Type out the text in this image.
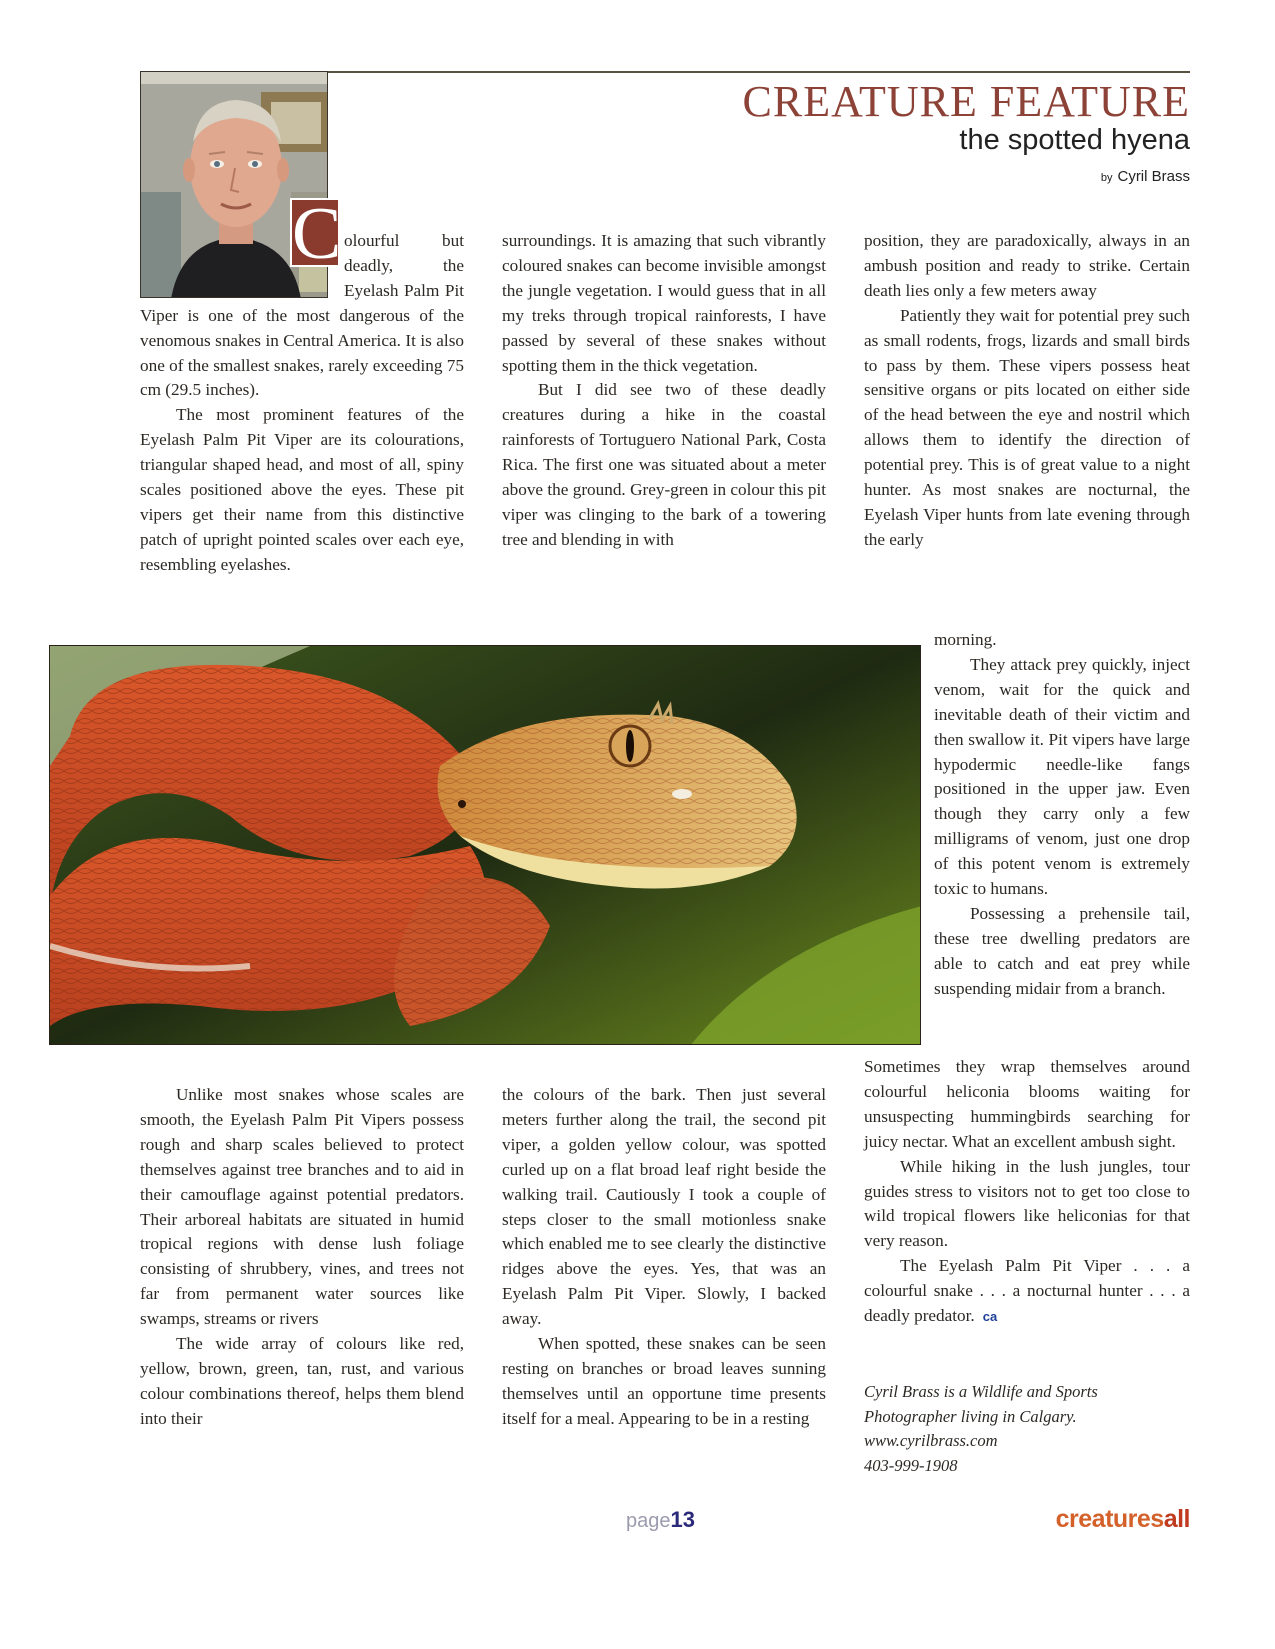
C
CREATURE FEATURE
the spotted hyena
by Cyril Brass

olourful but deadly, the Eyelash Palm Pit Viper is one of the most dangerous of the venomous snakes in Central America. It is also one of the smallest snakes, rarely exceeding 75 cm (29.5 inches).

The most prominent features of the Eyelash Palm Pit Viper are its colourations, triangular shaped head, and most of all, spiny scales positioned above the eyes. These pit vipers get their name from this distinctive patch of upright pointed scales over each eye, resembling eyelashes.

surroundings. It is amazing that such vibrantly coloured snakes can become invisible amongst the jungle vegetation. I would guess that in all my treks through tropical rainforests, I have passed by several of these snakes without spotting them in the thick vegetation.

But I did see two of these deadly creatures during a hike in the coastal rainforests of Tortuguero National Park, Costa Rica. The first one was situated about a meter above the ground. Grey-green in colour this pit viper was clinging to the bark of a towering tree and blending in with

position, they are paradoxically, always in an ambush position and ready to strike. Certain death lies only a few meters away

Patiently they wait for potential prey such as small rodents, frogs, lizards and small birds to pass by them. These vipers possess heat sensitive organs or pits located on either side of the head between the eye and nostril which allows them to identify the direction of potential prey. This is of great value to a night hunter. As most snakes are nocturnal, the Eyelash Viper hunts from late evening through the early

morning.

They attack prey quickly, inject venom, wait for the quick and inevitable death of their victim and then swallow it. Pit vipers have large hypodermic needle-like fangs positioned in the upper jaw. Even though they carry only a few milligrams of venom, just one drop of this potent venom is extremely toxic to humans.

Possessing a prehensile tail, these tree dwelling predators are able to catch and eat prey while suspending midair from a branch.

Sometimes they wrap themselves around colourful heliconia blooms waiting for unsuspecting hummingbirds searching for juicy nectar. What an excellent ambush sight.

While hiking in the lush jungles, tour guides stress to visitors not to get too close to wild tropical flowers like heliconias for that very reason.

The Eyelash Palm Pit Viper . . . a colourful snake . . . a nocturnal hunter . . . a deadly predator. ca

Cyril Brass is a Wildlife and Sports
Photographer living in Calgary.
www.cyrilbrass.com
403-999-1908

Unlike most snakes whose scales are smooth, the Eyelash Palm Pit Vipers possess rough and sharp scales believed to protect themselves against tree branches and to aid in their camouflage against potential predators. Their arboreal habitats are situated in humid tropical regions with dense lush foliage consisting of shrubbery, vines, and trees not far from permanent water sources like swamps, streams or rivers

The wide array of colours like red, yellow, brown, green, tan, rust, and various colour combinations thereof, helps them blend into their

the colours of the bark. Then just several meters further along the trail, the second pit viper, a golden yellow colour, was spotted curled up on a flat broad leaf right beside the walking trail. Cautiously I took a couple of steps closer to the small motionless snake which enabled me to see clearly the distinctive ridges above the eyes. Yes, that was an Eyelash Palm Pit Viper. Slowly, I backed away.

When spotted, these snakes can be seen resting on branches or broad leaves sunning themselves until an opportune time presents itself for a meal. Appearing to be in a resting

page13	creaturesall
